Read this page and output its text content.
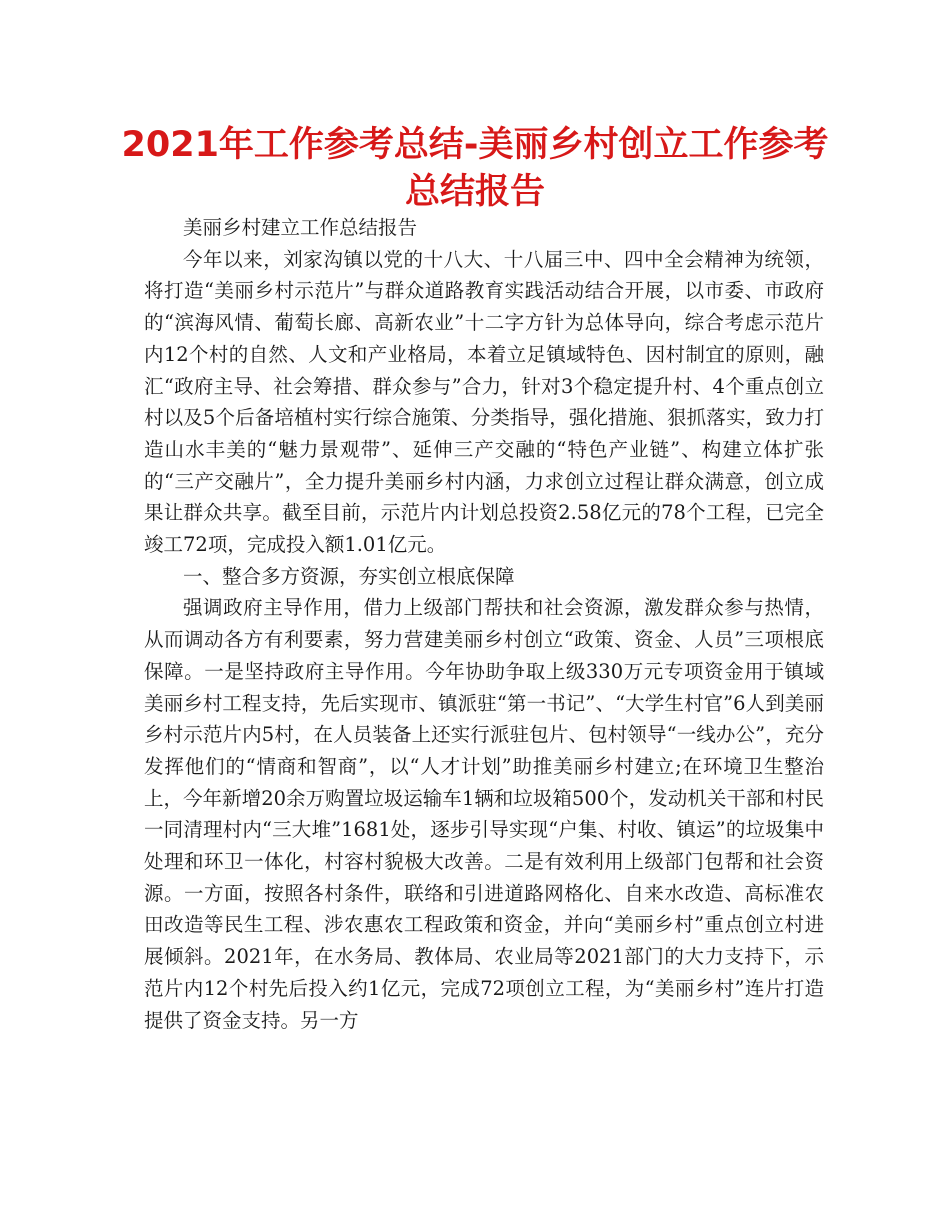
2021年工作参考总结-美丽乡村创立工作参考总结报告

美丽乡村建立工作总结报告

今年以来，刘家沟镇以党的十八大、十八届三中、四中全会精神为统领，将打造“美丽乡村示范片”与群众道路教育实践活动结合开展，以市委、市政府的“滨海风情、葡萄长廊、高新农业”十二字方针为总体导向，综合考虑示范片内12个村的自然、人文和产业格局，本着立足镇域特色、因村制宜的原则，融汇“政府主导、社会筹措、群众参与”合力，针对3个稳定提升村、4个重点创立村以及5个后备培植村实行综合施策、分类指导，强化措施、狠抓落实，致力打造山水丰美的“魅力景观带”、延伸三产交融的“特色产业链”、构建立体扩张的“三产交融片”，全力提升美丽乡村内涵，力求创立过程让群众满意，创立成果让群众共享。截至目前，示范片内计划总投资2.58亿元的78个工程，已完全竣工72项，完成投入额1.01亿元。

一、整合多方资源，夯实创立根底保障

强调政府主导作用，借力上级部门帮扶和社会资源，激发群众参与热情，从而调动各方有利要素，努力营建美丽乡村创立“政策、资金、人员”三项根底保障。一是坚持政府主导作用。今年协助争取上级330万元专项资金用于镇域美丽乡村工程支持，先后实现市、镇派驻“第一书记”、“大学生村官”6人到美丽乡村示范片内5村，在人员装备上还实行派驻包片、包村领导“一线办公”，充分发挥他们的“情商和智商”，以“人才计划”助推美丽乡村建立;在环境卫生整治上，今年新增20余万购置垃圾运输车1辆和垃圾箱500个，发动机关干部和村民一同清理村内“三大堆”1681处，逐步引导实现“户集、村收、镇运”的垃圾集中处理和环卫一体化，村容村貌极大改善。二是有效利用上级部门包帮和社会资源。一方面，按照各村条件，联络和引进道路网格化、自来水改造、高标准农田改造等民生工程、涉农惠农工程政策和资金，并向“美丽乡村”重点创立村进展倾斜。2021年，在水务局、教体局、农业局等2021部门的大力支持下，示范片内12个村先后投入约1亿元，完成72项创立工程，为“美丽乡村”连片打造提供了资金支持。另一方
